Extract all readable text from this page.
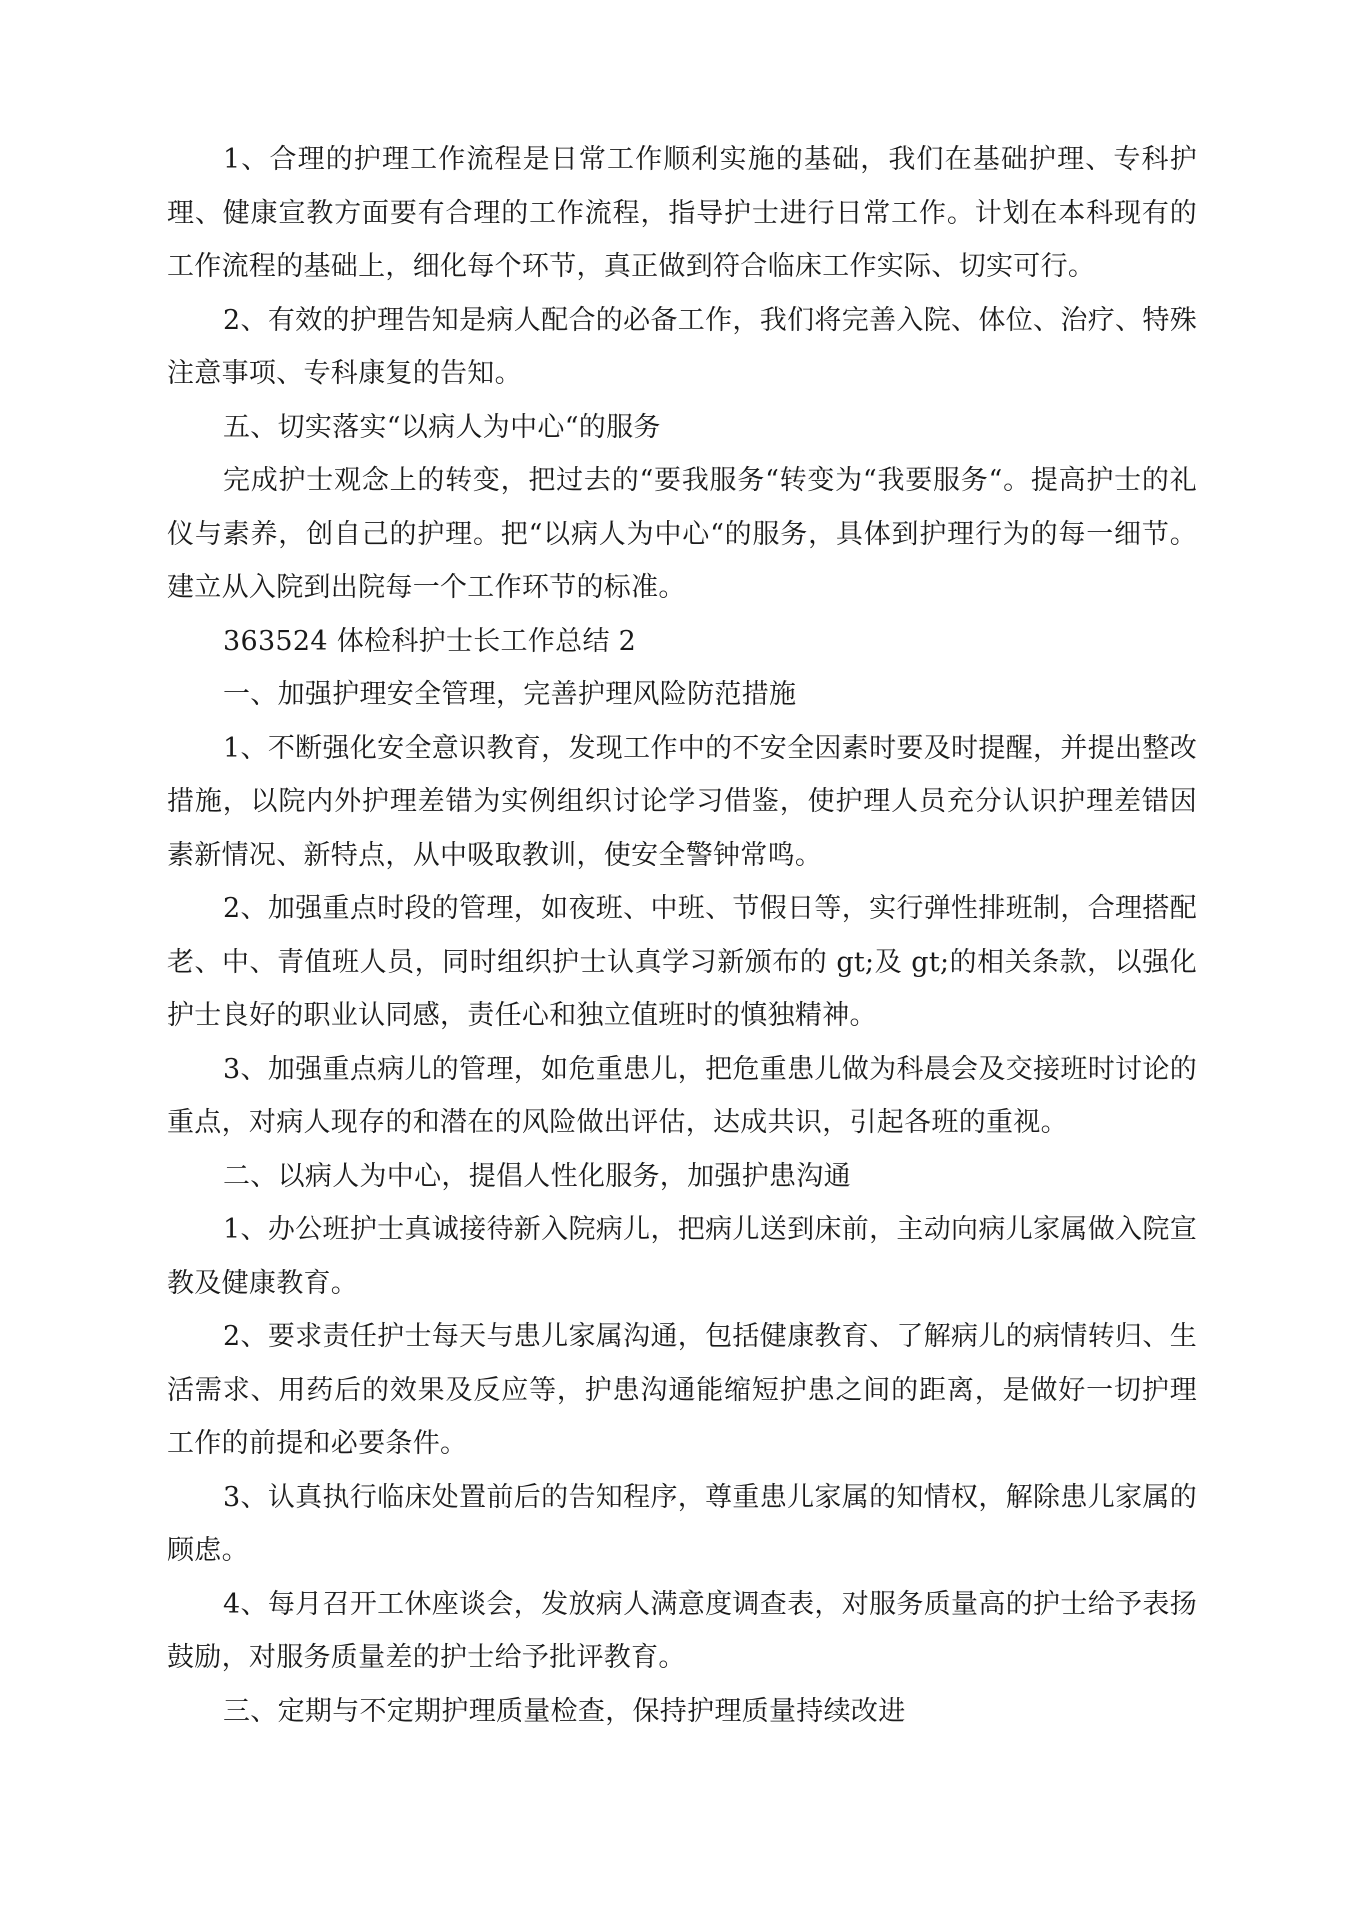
1、合理的护理工作流程是日常工作顺利实施的基础，我们在基础护理、专科护理、健康宣教方面要有合理的工作流程，指导护士进行日常工作。计划在本科现有的工作流程的基础上，细化每个环节，真正做到符合临床工作实际、切实可行。

2、有效的护理告知是病人配合的必备工作，我们将完善入院、体位、治疗、特殊注意事项、专科康复的告知。

五、切实落实“以病人为中心“的服务

完成护士观念上的转变，把过去的“要我服务“转变为“我要服务“。提高护士的礼仪与素养，创自己的护理。把“以病人为中心“的服务，具体到护理行为的每一细节。建立从入院到出院每一个工作环节的标准。

363524 体检科护士长工作总结 2

一、加强护理安全管理，完善护理风险防范措施

1、不断强化安全意识教育，发现工作中的不安全因素时要及时提醒，并提出整改措施，以院内外护理差错为实例组织讨论学习借鉴，使护理人员充分认识护理差错因素新情况、新特点，从中吸取教训，使安全警钟常鸣。

2、加强重点时段的管理，如夜班、中班、节假日等，实行弹性排班制，合理搭配老、中、青值班人员，同时组织护士认真学习新颁布的 gt;及 gt;的相关条款，以强化护士良好的职业认同感，责任心和独立值班时的慎独精神。

3、加强重点病儿的管理，如危重患儿，把危重患儿做为科晨会及交接班时讨论的重点，对病人现存的和潜在的风险做出评估，达成共识，引起各班的重视。

二、以病人为中心，提倡人性化服务，加强护患沟通

1、办公班护士真诚接待新入院病儿，把病儿送到床前，主动向病儿家属做入院宣教及健康教育。

2、要求责任护士每天与患儿家属沟通，包括健康教育、了解病儿的病情转归、生活需求、用药后的效果及反应等，护患沟通能缩短护患之间的距离，是做好一切护理工作的前提和必要条件。

3、认真执行临床处置前后的告知程序，尊重患儿家属的知情权，解除患儿家属的顾虑。

4、每月召开工休座谈会，发放病人满意度调查表，对服务质量高的护士给予表扬鼓励，对服务质量差的护士给予批评教育。

三、定期与不定期护理质量检查，保持护理质量持续改进
